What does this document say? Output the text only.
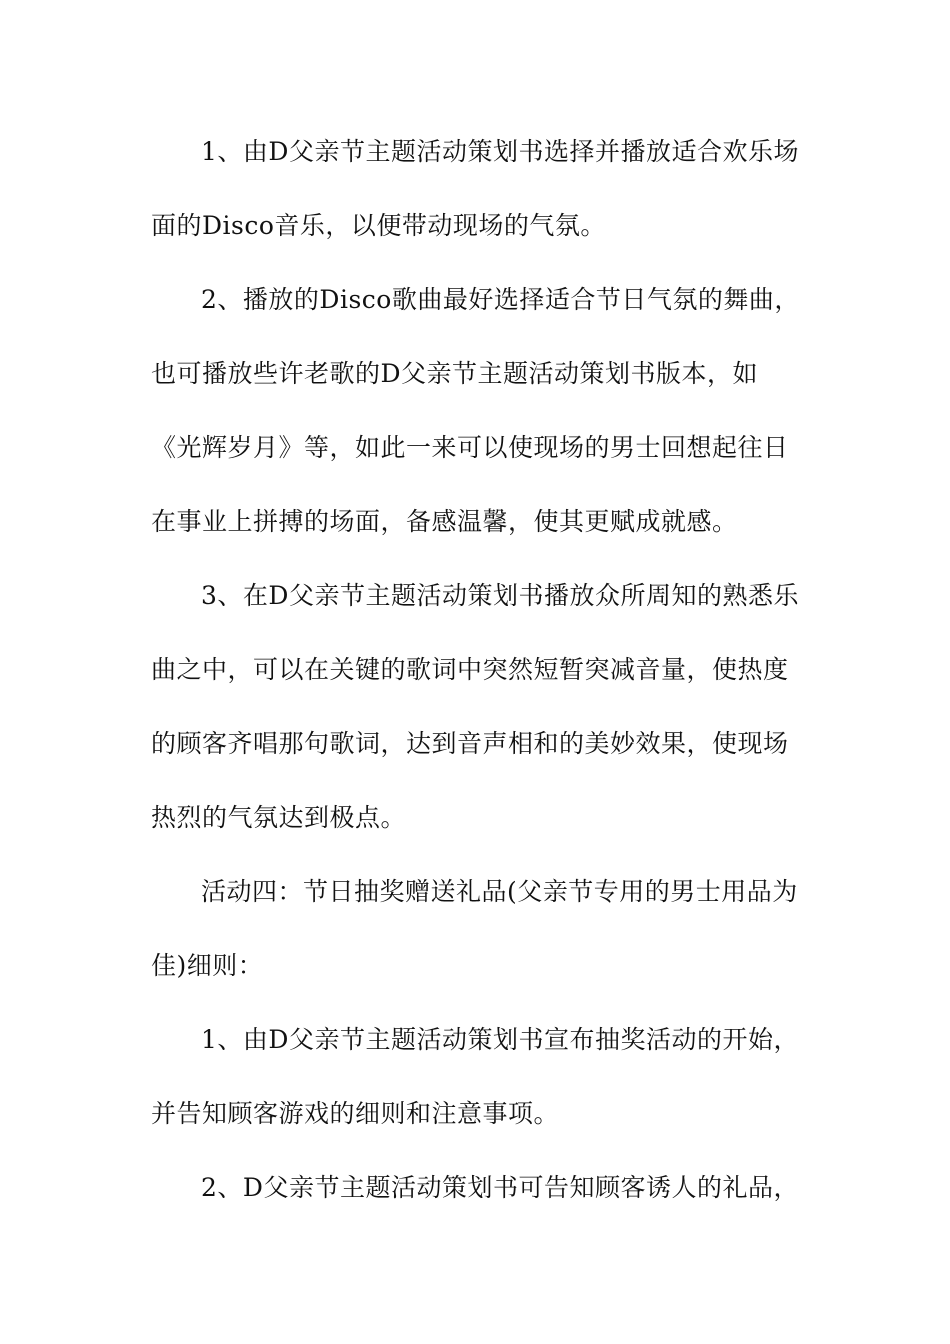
1、由D父亲节主题活动策划书选择并播放适合欢乐场
面的Disco音乐，以便带动现场的气氛。
2、播放的Disco歌曲最好选择适合节日气氛的舞曲，
也可播放些许老歌的D父亲节主题活动策划书版本，如
《光辉岁月》等，如此一来可以使现场的男士回想起往日
在事业上拼搏的场面，备感温馨，使其更赋成就感。
3、在D父亲节主题活动策划书播放众所周知的熟悉乐
曲之中，可以在关键的歌词中突然短暂突减音量，使热度
的顾客齐唱那句歌词，达到音声相和的美妙效果，使现场
热烈的气氛达到极点。
活动四：节日抽奖赠送礼品(父亲节专用的男士用品为
佳)细则：
1、由D父亲节主题活动策划书宣布抽奖活动的开始，
并告知顾客游戏的细则和注意事项。
2、D父亲节主题活动策划书可告知顾客诱人的礼品，
